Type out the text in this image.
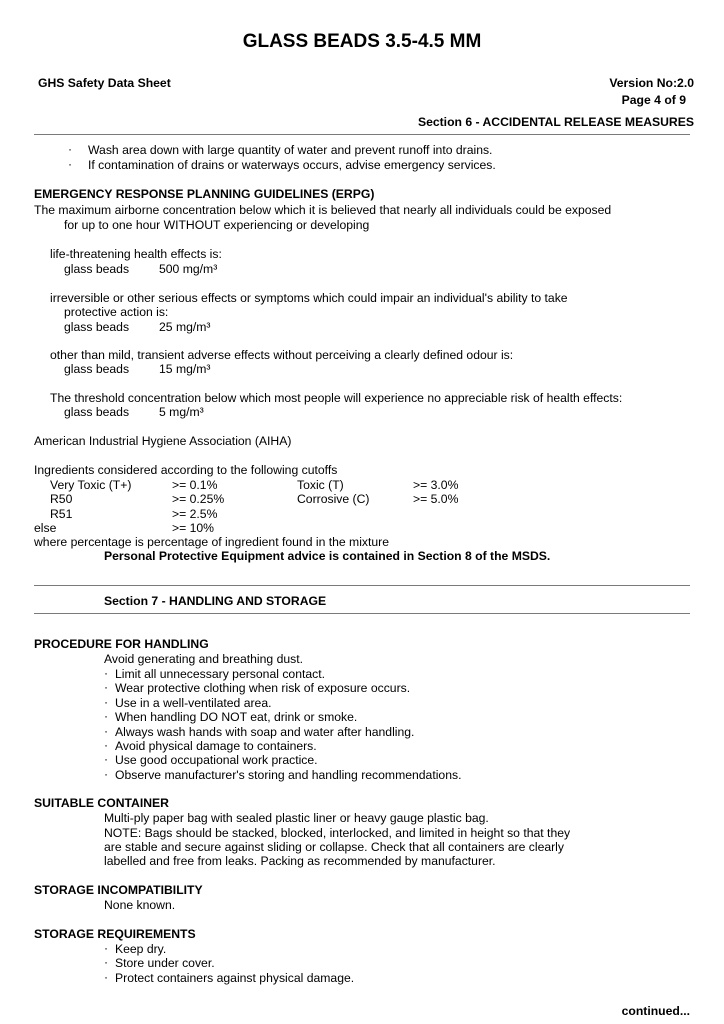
GLASS BEADS 3.5-4.5 MM
GHS Safety Data Sheet	Version No:2.0
Page 4 of 9
Section 6 - ACCIDENTAL RELEASE MEASURES
· Wash area down with large quantity of water and prevent runoff into drains.
· If contamination of drains or waterways occurs, advise emergency services.
EMERGENCY RESPONSE PLANNING GUIDELINES (ERPG)
The maximum airborne concentration below which it is believed that nearly all individuals could be exposed
for up to one hour WITHOUT experiencing or developing
life-threatening health effects is:
glass beads 500 mg/m³
irreversible or other serious effects or symptoms which could impair an individual's ability to take
protective action is:
glass beads 25 mg/m³
other than mild, transient adverse effects without perceiving a clearly defined odour is:
glass beads 15 mg/m³
The threshold concentration below which most people will experience no appreciable risk of health effects:
glass beads 5 mg/m³
American Industrial Hygiene Association (AIHA)
Ingredients considered according to the following cutoffs
Very Toxic (T+)	>= 0.1%	Toxic (T)	>= 3.0%
R50	>= 0.25%	Corrosive (C)	>= 5.0%
R51	>= 2.5%
else	>= 10%
where percentage is percentage of ingredient found in the mixture
Personal Protective Equipment advice is contained in Section 8 of the MSDS.
Section 7 - HANDLING AND STORAGE
PROCEDURE FOR HANDLING
Avoid generating and breathing dust.
· Limit all unnecessary personal contact.
· Wear protective clothing when risk of exposure occurs.
· Use in a well-ventilated area.
· When handling DO NOT eat, drink or smoke.
· Always wash hands with soap and water after handling.
· Avoid physical damage to containers.
· Use good occupational work practice.
· Observe manufacturer's storing and handling recommendations.
SUITABLE CONTAINER
Multi-ply paper bag with sealed plastic liner or heavy gauge plastic bag.
NOTE: Bags should be stacked, blocked, interlocked, and limited in height so that they
are stable and secure against sliding or collapse. Check that all containers are clearly
labelled and free from leaks. Packing as recommended by manufacturer.
STORAGE INCOMPATIBILITY
None known.
STORAGE REQUIREMENTS
· Keep dry.
· Store under cover.
· Protect containers against physical damage.
continued...
